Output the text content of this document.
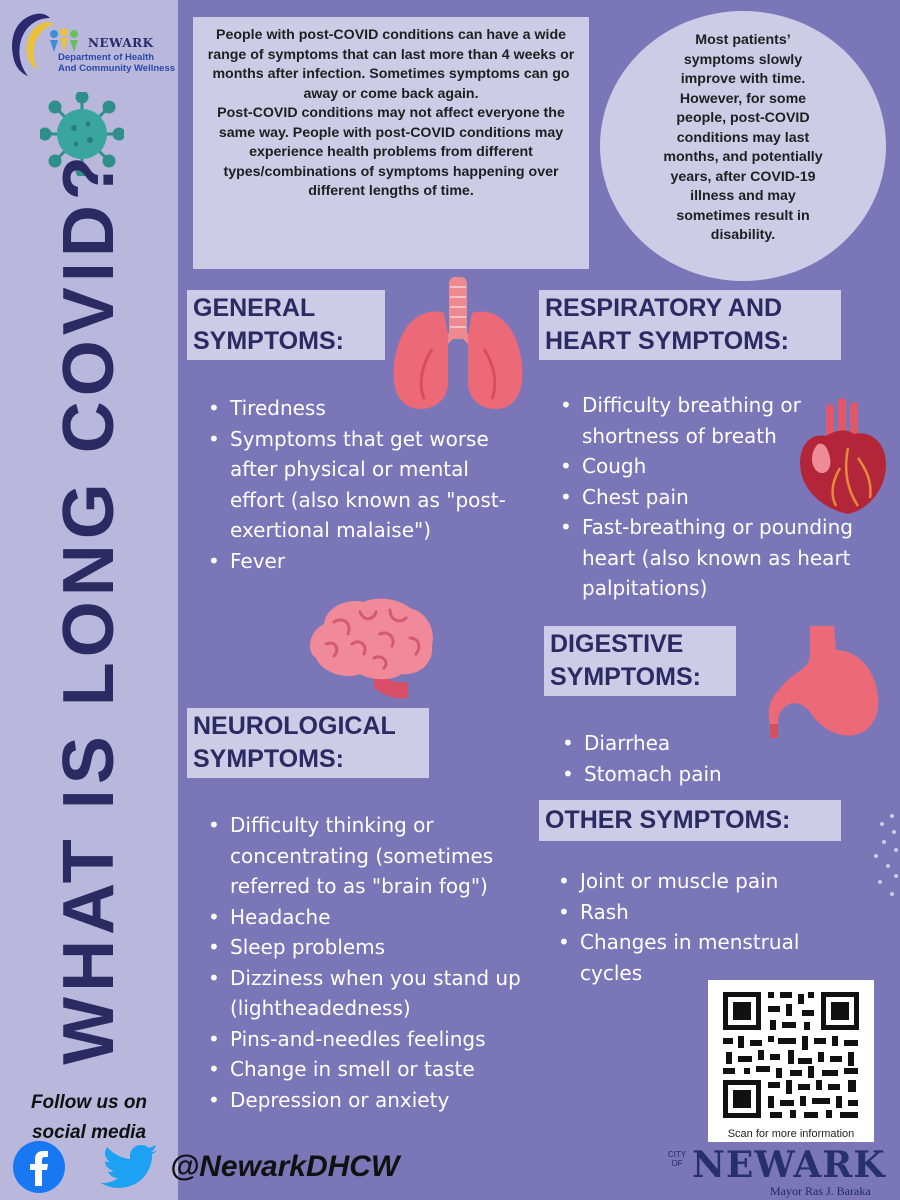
NEWARK
Department of Health
And Community Wellness
WHAT IS LONG COVID?
Follow us on
social media
@NewarkDHCW
People with post-COVID conditions can have a wide range of symptoms that can last more than 4 weeks or months after infection. Sometimes symptoms can go away or come back again.
Post-COVID conditions may not affect everyone the same way. People with post-COVID conditions may experience health problems from different types/combinations of symptoms happening over different lengths of time.
Most patients’ symptoms slowly improve with time. However, for some people, post-COVID conditions may last months, and potentially years, after COVID-19 illness and may sometimes result in disability.
GENERAL
SYMPTOMS:
• Tiredness
• Symptoms that get worse after physical or mental effort (also known as "post-exertional malaise")
• Fever
RESPIRATORY AND
HEART SYMPTOMS:
• Difficulty breathing or shortness of breath
• Cough
• Chest pain
• Fast-breathing or pounding heart (also known as heart palpitations)
NEUROLOGICAL
SYMPTOMS:
• Difficulty thinking or concentrating (sometimes referred to as "brain fog")
• Headache
• Sleep problems
• Dizziness when you stand up (lightheadedness)
• Pins-and-needles feelings
• Change in smell or taste
• Depression or anxiety
DIGESTIVE
SYMPTOMS:
• Diarrhea
• Stomach pain
OTHER SYMPTOMS:
• Joint or muscle pain
• Rash
• Changes in menstrual cycles
Scan for more information
CITY
OF NEWARK
Mayor Ras J. Baraka
